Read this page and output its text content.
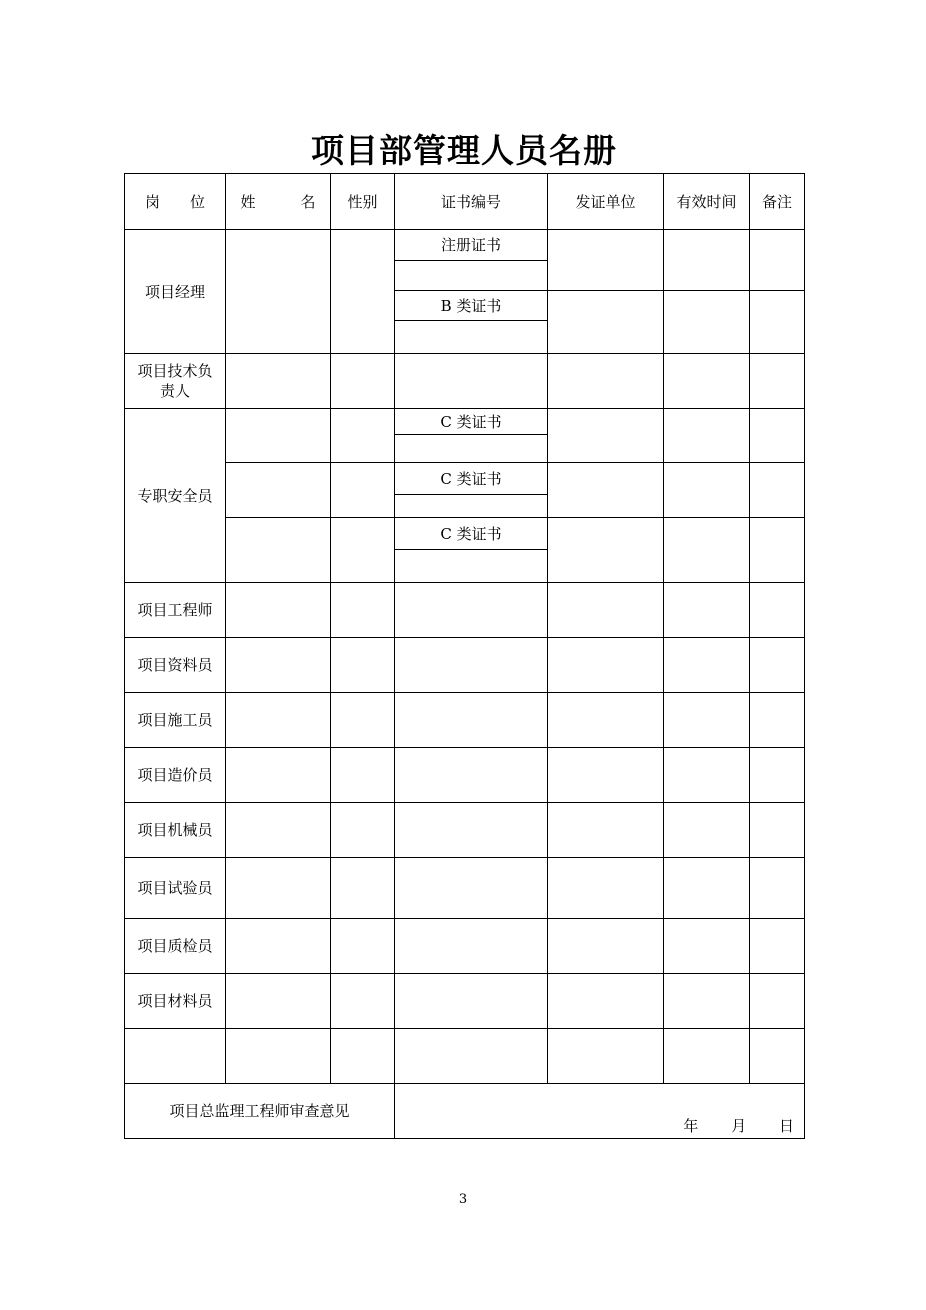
项目部管理人员名册
岗　　位	姓　　　名	性别	证书编号	发证单位	有效时间	备注
项目经理			注册证书			

			B 类证书			

项目技术负责人						

专职安全员			C 类证书			

			C 类证书			

			C 类证书			

项目工程师						
项目资料员						
项目施工员						
项目造价员						
项目机械员						
项目试验员						
项目质检员						
项目材料员						

项目总监理工程师审查意见			年 月 日			
3
